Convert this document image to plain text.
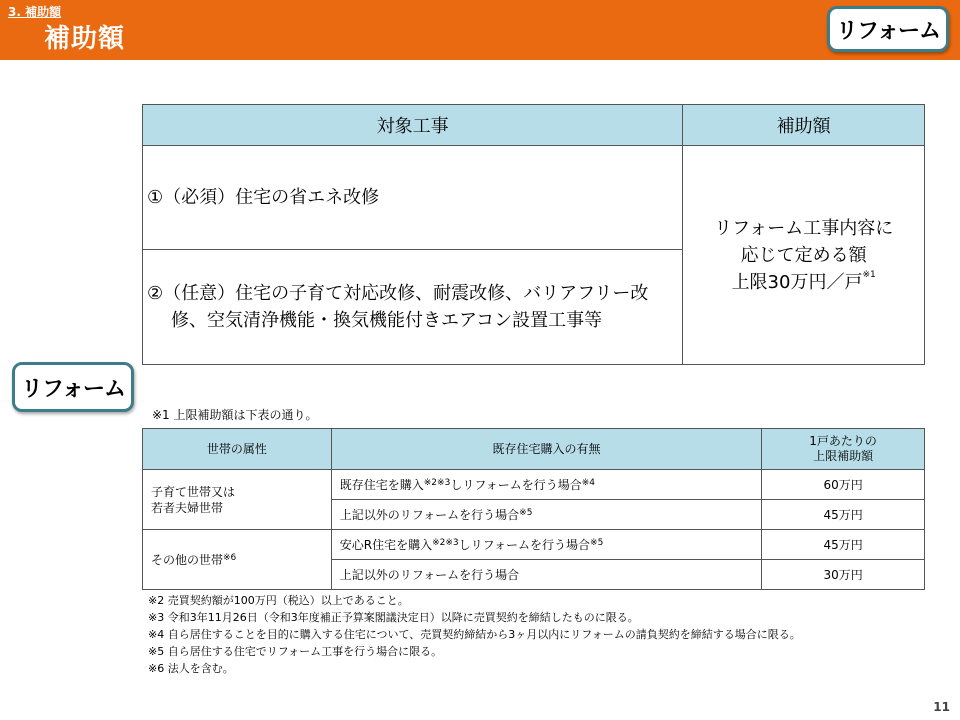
3. 補助額
補助額	リフォーム
対象工事	補助額

①（必須）住宅の省エネ改修	リフォーム工事内容に
応じて定める額
上限30万円／戸$^{※1}$

②（任意）住宅の子育て対応改修、耐震改修、バリアフリー改修、空気清浄機能・換気機能付きエアコン設置工事等	
リフォーム
※1 上限補助額は下表の通り。
世帯の属性	既存住宅購入の有無	1戸あたりの
上限補助額

子育て世帯又は
若者夫婦世帯	既存住宅を購入$^{※2※3}$しリフォームを行う場合$^{※4}$	60万円
	上記以外のリフォームを行う場合$^{※5}$	45万円
その他の世帯$^{※6}$	安心R住宅を購入$^{※2※3}$しリフォームを行う場合$^{※5}$	45万円
	上記以外のリフォームを行う場合	30万円
※2 売買契約額が100万円（税込）以上であること。
※3 令和3年11月26日（令和3年度補正予算案閣議決定日）以降に売買契約を締結したものに限る。
※4 自ら居住することを目的に購入する住宅について、売買契約締結から3ヶ月以内にリフォームの請負契約を締結する場合に限る。
※5 自ら居住する住宅でリフォーム工事を行う場合に限る。
※6 法人を含む。
11
